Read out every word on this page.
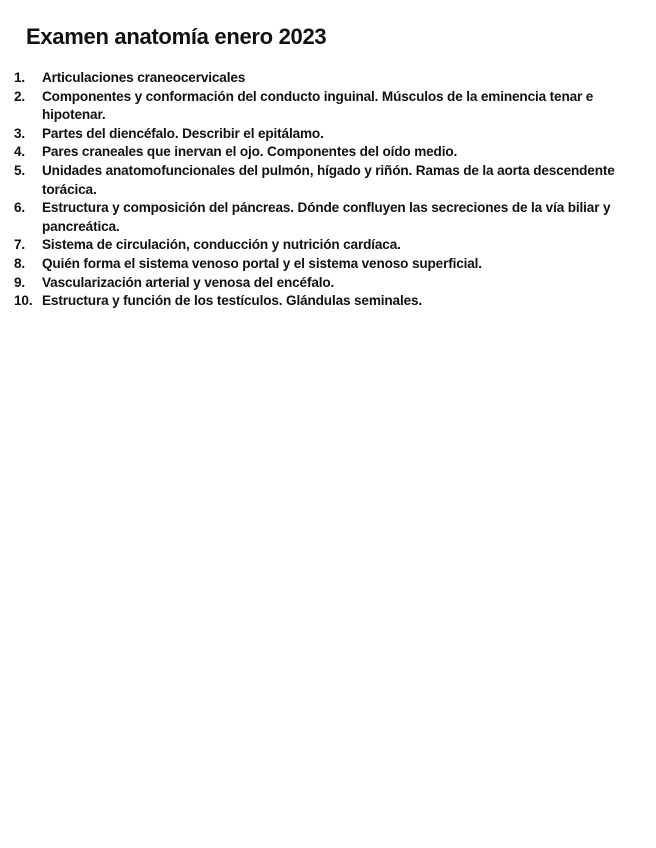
Examen anatomía enero 2023
1.	Articulaciones craneocervicales
2.	Componentes y conformación del conducto inguinal. Músculos de la eminencia tenar e hipotenar.
3.	Partes del diencéfalo. Describir el epitálamo.
4.	Pares craneales que inervan el ojo. Componentes del oído medio.
5.	Unidades anatomofuncionales del pulmón, hígado y riñón. Ramas de la aorta descendente torácica.
6.	Estructura y composición del páncreas. Dónde confluyen las secreciones de la vía biliar y pancreática.
7.	Sistema de circulación, conducción y nutrición cardíaca.
8.	Quién forma el sistema venoso portal y el sistema venoso superficial.
9.	Vascularización arterial y venosa del encéfalo.
10. Estructura y función de los testículos. Glándulas seminales.
